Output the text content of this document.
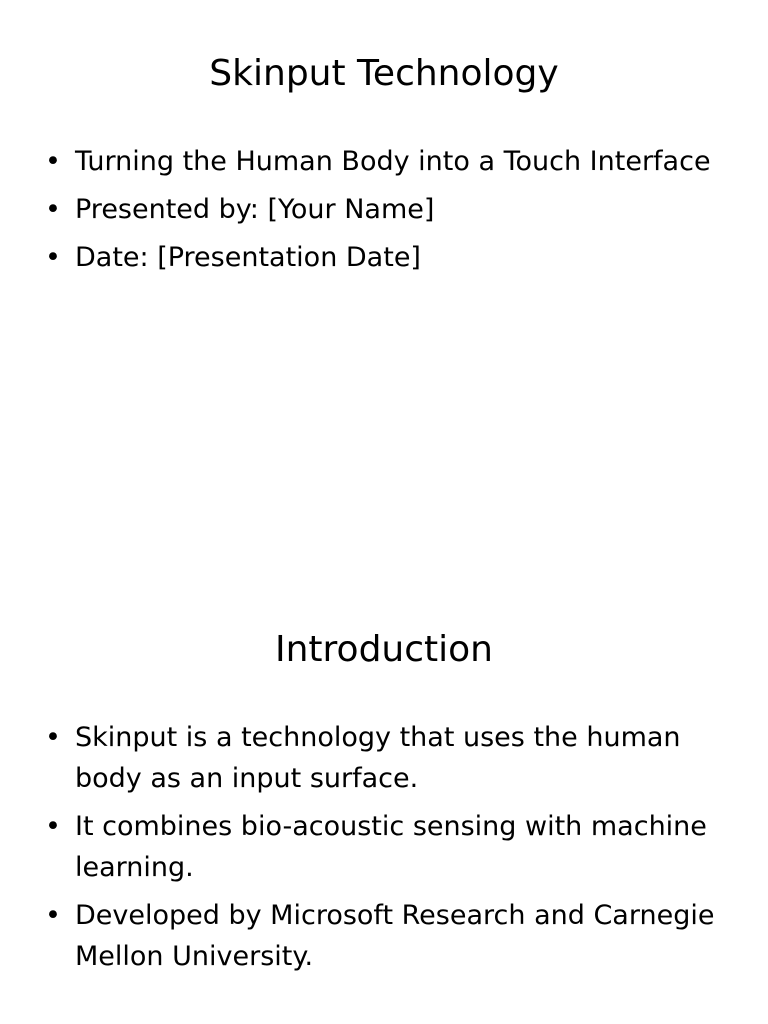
Skinput Technology
• Turning the Human Body into a Touch Interface
• Presented by: [Your Name]
• Date: [Presentation Date]
Introduction
• Skinput is a technology that uses the human body as an input surface.
• It combines bio-acoustic sensing with machine learning.
• Developed by Microsoft Research and Carnegie Mellon University.
